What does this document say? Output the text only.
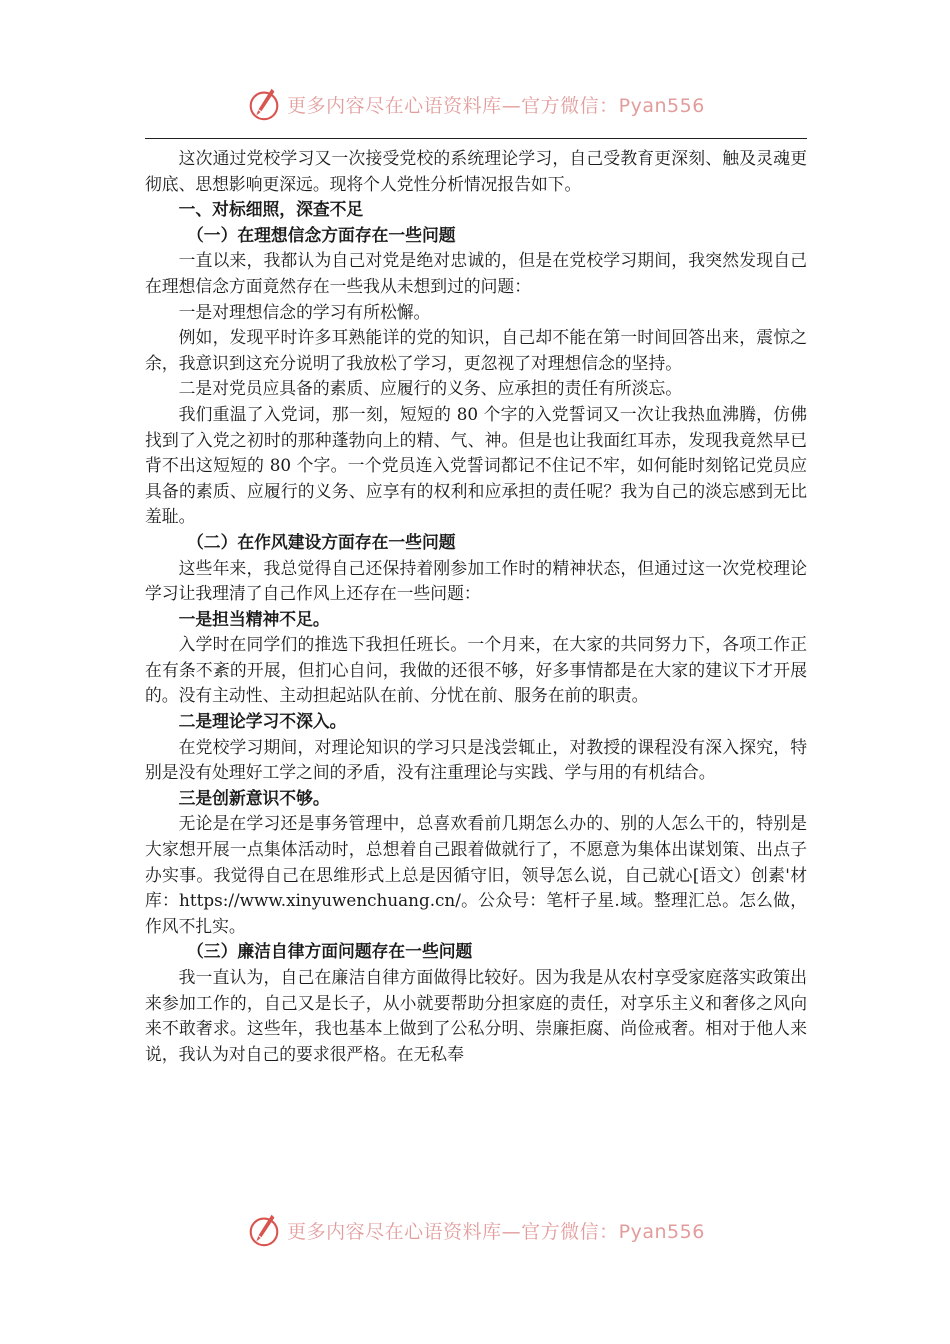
更多内容尽在心语资料库—官方微信：Pyan556

这次通过党校学习又一次接受党校的系统理论学习，自己受教育更深刻、触及灵魂更彻底、思想影响更深远。现将个人党性分析情况报告如下。

一、对标细照，深查不足

（一）在理想信念方面存在一些问题

一直以来，我都认为自己对党是绝对忠诚的，但是在党校学习期间，我突然发现自己在理想信念方面竟然存在一些我从未想到过的问题：

一是对理想信念的学习有所松懈。

例如，发现平时许多耳熟能详的党的知识，自己却不能在第一时间回答出来，震惊之余，我意识到这充分说明了我放松了学习，更忽视了对理想信念的坚持。

二是对党员应具备的素质、应履行的义务、应承担的责任有所淡忘。

我们重温了入党词，那一刻，短短的 80 个字的入党誓词又一次让我热血沸腾，仿佛找到了入党之初时的那种蓬勃向上的精、气、神。但是也让我面红耳赤，发现我竟然早已背不出这短短的 80 个字。一个党员连入党誓词都记不住记不牢，如何能时刻铭记党员应具备的素质、应履行的义务、应享有的权利和应承担的责任呢？我为自己的淡忘感到无比羞耻。

（二）在作风建设方面存在一些问题

这些年来，我总觉得自己还保持着刚参加工作时的精神状态，但通过这一次党校理论学习让我理清了自己作风上还存在一些问题：

一是担当精神不足。

入学时在同学们的推选下我担任班长。一个月来，在大家的共同努力下，各项工作正在有条不紊的开展，但扪心自问，我做的还很不够，好多事情都是在大家的建议下才开展的。没有主动性、主动担起站队在前、分忧在前、服务在前的职责。

二是理论学习不深入。

在党校学习期间，对理论知识的学习只是浅尝辄止，对教授的课程没有深入探究，特别是没有处理好工学之间的矛盾，没有注重理论与实践、学与用的有机结合。

三是创新意识不够。

无论是在学习还是事务管理中，总喜欢看前几期怎么办的、别的人怎么干的，特别是大家想开展一点集体活动时，总想着自己跟着做就行了，不愿意为集体出谋划策、出点子办实事。我觉得自己在思维形式上总是因循守旧，领导怎么说，自己就心[语文）创素'材库：https://www.xinyuwenchuang.cn/。公众号：笔杆子星.域。整理汇总。怎么做，作风不扎实。

（三）廉洁自律方面问题存在一些问题

我一直认为，自己在廉洁自律方面做得比较好。因为我是从农村享受家庭落实政策出来参加工作的，自己又是长子，从小就要帮助分担家庭的责任，对享乐主义和奢侈之风向来不敢奢求。这些年，我也基本上做到了公私分明、崇廉拒腐、尚俭戒奢。相对于他人来说，我认为对自己的要求很严格。在无私奉

更多内容尽在心语资料库—官方微信：Pyan556
